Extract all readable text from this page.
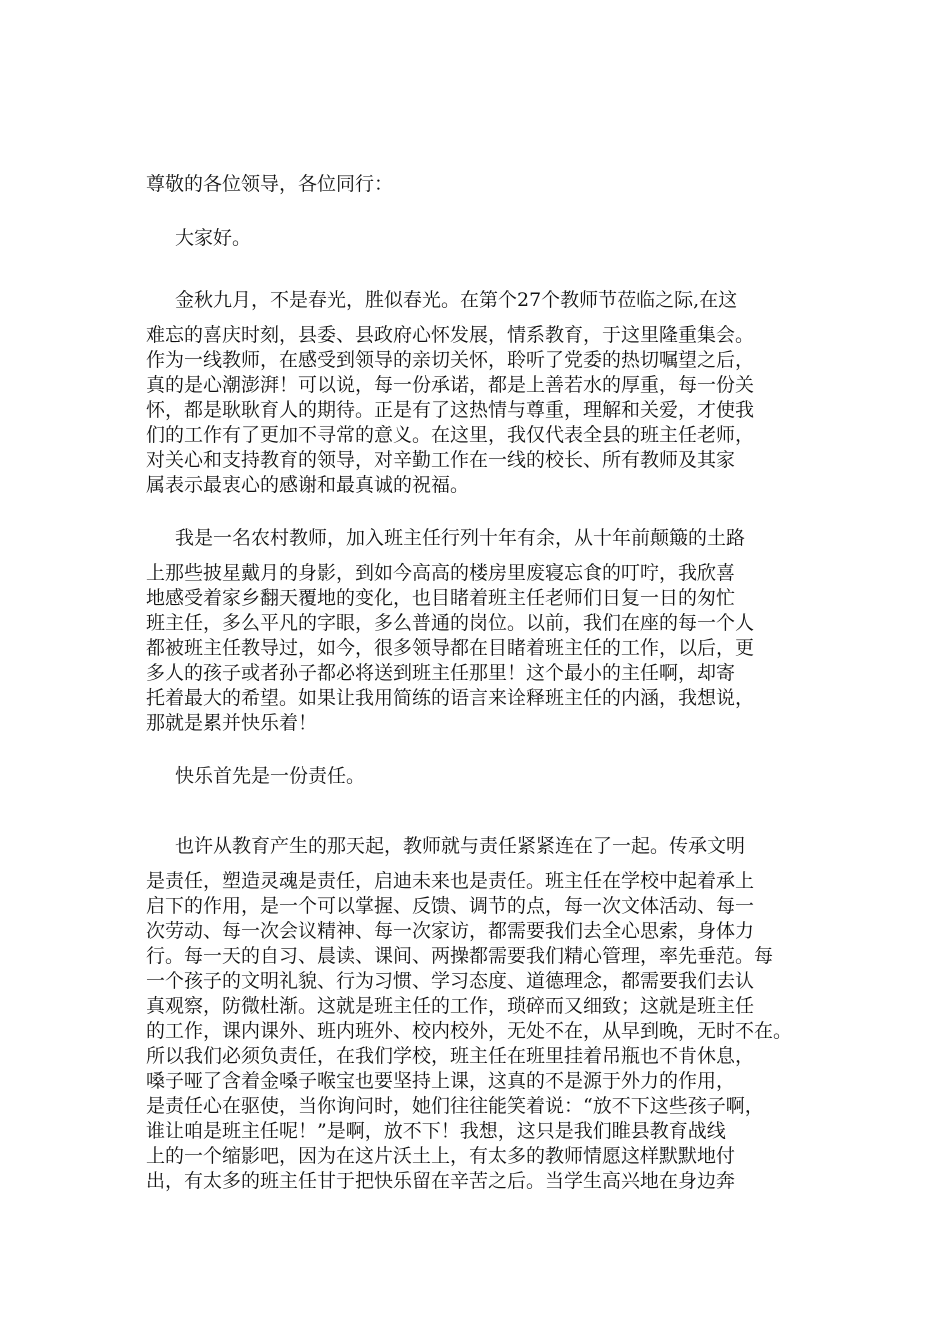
尊敬的各位领导，各位同行：

大家好。

金秋九月，不是春光，胜似春光。在第个27个教师节莅临之际,在这

难忘的喜庆时刻，县委、县政府心怀发展，情系教育，于这里隆重集会。
作为一线教师，在感受到领导的亲切关怀，聆听了党委的热切嘱望之后，
真的是心潮澎湃！可以说，每一份承诺，都是上善若水的厚重，每一份关
怀，都是耿耿育人的期待。正是有了这热情与尊重，理解和关爱，才使我
们的工作有了更加不寻常的意义。在这里，我仅代表全县的班主任老师，
对关心和支持教育的领导，对辛勤工作在一线的校长、所有教师及其家
属表示最衷心的感谢和最真诚的祝福。

我是一名农村教师，加入班主任行列十年有余，从十年前颠簸的土路

上那些披星戴月的身影，到如今高高的楼房里废寝忘食的叮咛，我欣喜
地感受着家乡翻天覆地的变化，也目睹着班主任老师们日复一日的匆忙
班主任，多么平凡的字眼，多么普通的岗位。以前，我们在座的每一个人
都被班主任教导过，如今，很多领导都在目睹着班主任的工作，以后，更
多人的孩子或者孙子都必将送到班主任那里！这个最小的主任啊，却寄
托着最大的希望。如果让我用简练的语言来诠释班主任的内涵，我想说，
那就是累并快乐着！

快乐首先是一份责任。

也许从教育产生的那天起，教师就与责任紧紧连在了一起。传承文明

是责任，塑造灵魂是责任，启迪未来也是责任。班主任在学校中起着承上
启下的作用，是一个可以掌握、反馈、调节的点，每一次文体活动、每一
次劳动、每一次会议精神、每一次家访，都需要我们去全心思索，身体力
行。每一天的自习、晨读、课间、两操都需要我们精心管理，率先垂范。每
一个孩子的文明礼貌、行为习惯、学习态度、道德理念，都需要我们去认
真观察，防微杜渐。这就是班主任的工作，琐碎而又细致；这就是班主任
的工作，课内课外、班内班外、校内校外，无处不在，从早到晚，无时不在。
所以我们必须负责任，在我们学校，班主任在班里挂着吊瓶也不肯休息，
嗓子哑了含着金嗓子喉宝也要坚持上课，这真的不是源于外力的作用，
是责任心在驱使，当你询问时，她们往往能笑着说：“放不下这些孩子啊，
谁让咱是班主任呢！”是啊，放不下！我想，这只是我们睢县教育战线
上的一个缩影吧，因为在这片沃土上，有太多的教师情愿这样默默地付
出，有太多的班主任甘于把快乐留在辛苦之后。当学生高兴地在身边奔
